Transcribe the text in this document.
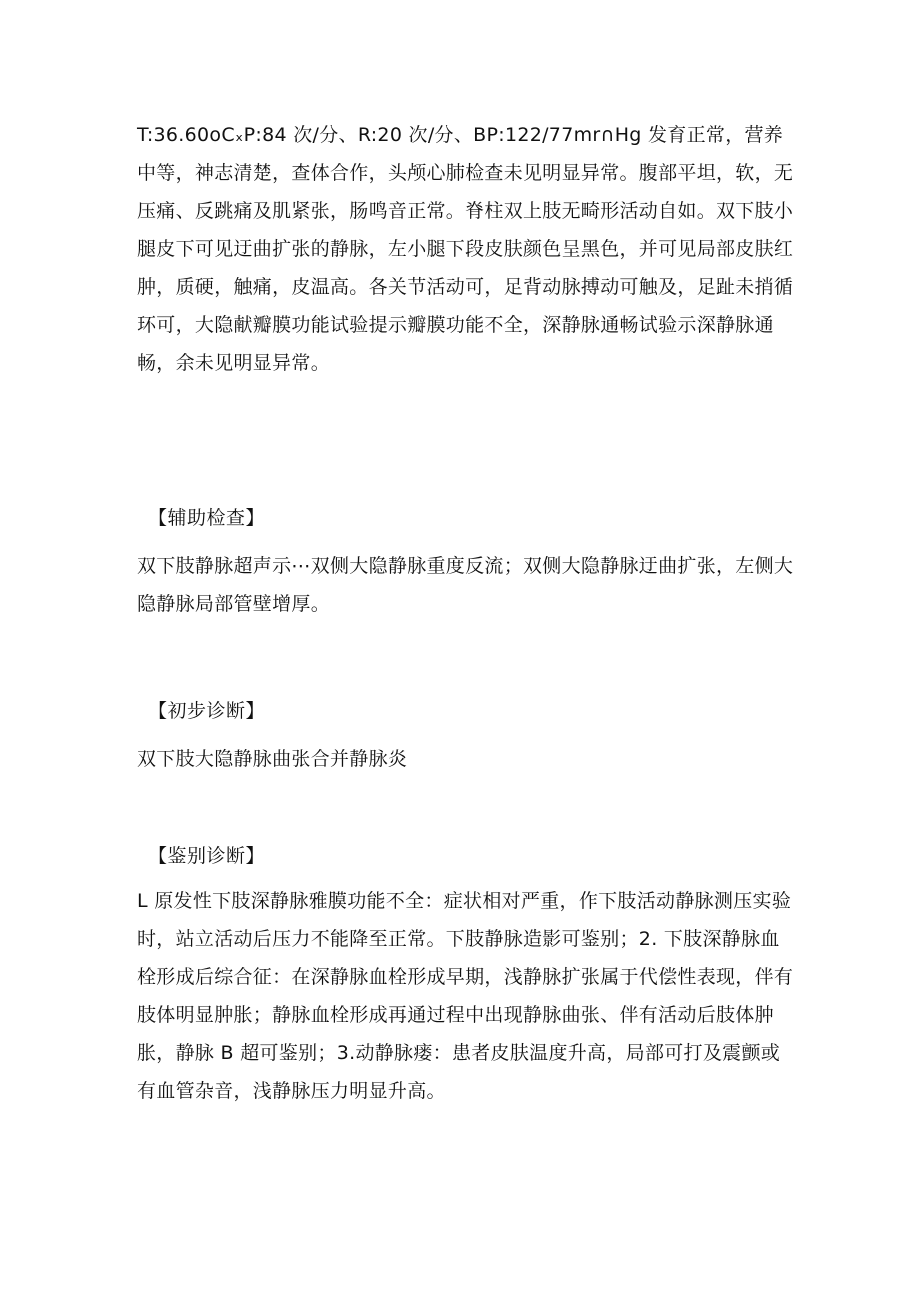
T:36.60oCₓP:84 次/分、R:20 次/分、BP:122/77mr∩Hg 发育正常，营养中等，神志清楚，查体合作，头颅心肺检查未见明显异常。腹部平坦，软，无压痛、反跳痛及肌紧张，肠鸣音正常。脊柱双上肢无畸形活动自如。双下肢小腿皮下可见迂曲扩张的静脉，左小腿下段皮肤颜色呈黑色，并可见局部皮肤红肿，质硬，触痛，皮温高。各关节活动可，足背动脉搏动可触及，足趾未捎循环可，大隐献瓣膜功能试验提示瓣膜功能不全，深静脉通畅试验示深静脉通畅，余未见明显异常。

【辅助检查】

双下肢静脉超声示⋯双侧大隐静脉重度反流；双侧大隐静脉迂曲扩张，左侧大隐静脉局部管壁增厚。

【初步诊断】

双下肢大隐静脉曲张合并静脉炎

【鉴别诊断】

L 原发性下肢深静脉雅膜功能不全：症状相对严重，作下肢活动静脉测压实验时，站立活动后压力不能降至正常。下肢静脉造影可鉴别；2. 下肢深静脉血栓形成后综合征：在深静脉血栓形成早期，浅静脉扩张属于代偿性表现，伴有肢体明显肿胀；静脉血栓形成再通过程中出现静脉曲张、伴有活动后肢体肿胀，静脉 B 超可鉴别；3.动静脉瘘：患者皮肤温度升高，局部可打及震颤或有血管杂音，浅静脉压力明显升高。
